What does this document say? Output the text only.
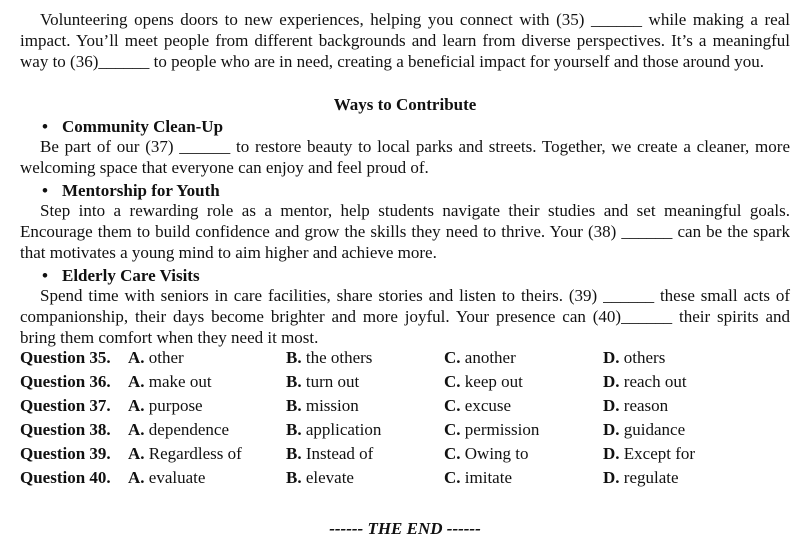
Volunteering opens doors to new experiences, helping you connect with (35) ______ while making a real impact. You’ll meet people from different backgrounds and learn from diverse perspectives. It’s a meaningful way to (36)______ to people who are in need, creating a beneficial impact for yourself and those around you.
Ways to Contribute
• Community Clean-Up
Be part of our (37) ______ to restore beauty to local parks and streets. Together, we create a cleaner, more welcoming space that everyone can enjoy and feel proud of.
• Mentorship for Youth
Step into a rewarding role as a mentor, help students navigate their studies and set meaningful goals. Encourage them to build confidence and grow the skills they need to thrive. Your (38) ______ can be the spark that motivates a young mind to aim higher and achieve more.
• Elderly Care Visits
Spend time with seniors in care facilities, share stories and listen to theirs. (39) ______ these small acts of companionship, their days become brighter and more joyful. Your presence can (40)______ their spirits and bring them comfort when they need it most.
Question 35. A. other	B. the others	C. another	D. others
Question 36. A. make out	B. turn out	C. keep out	D. reach out
Question 37. A. purpose	B. mission	C. excuse	D. reason
Question 38. A. dependence	B. application	C. permission	D. guidance
Question 39. A. Regardless of	B. Instead of	C. Owing to	D. Except for
Question 40. A. evaluate	B. elevate	C. imitate	D. regulate
------ THE END ------
